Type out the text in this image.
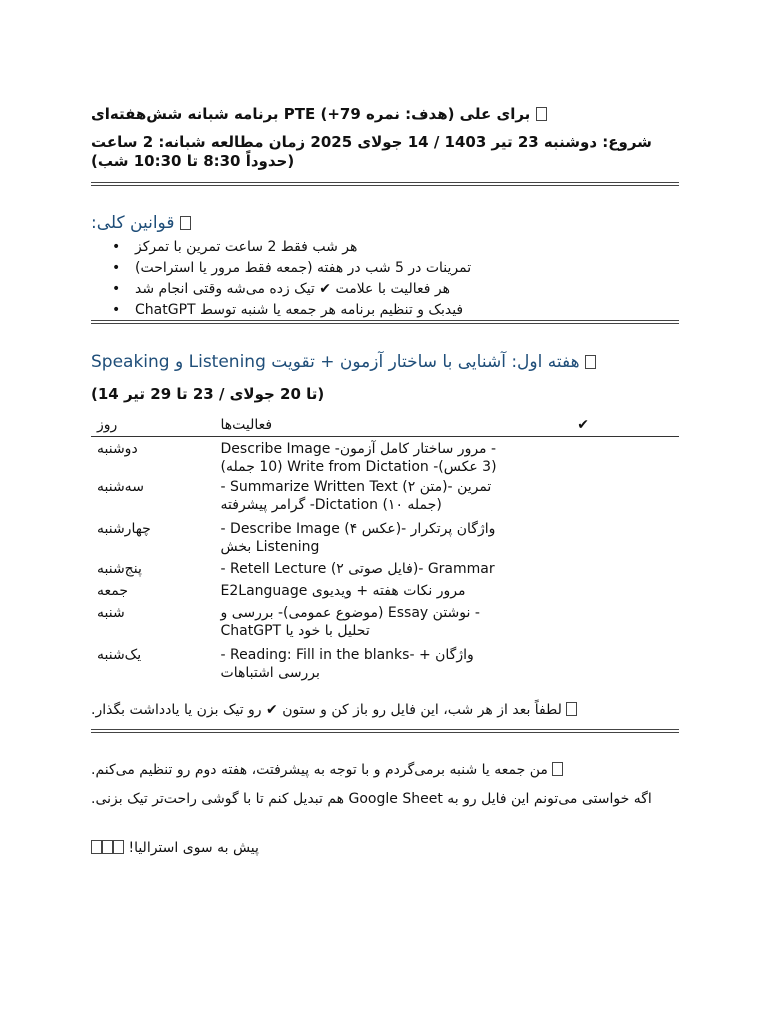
برای علی (هدف: نمره 79+) PTE برنامه شبانه شش‌هفته‌ای
شروع: دوشنبه 23 تیر 1403 / 14 جولای 2025 زمان مطالعه شبانه: 2 ساعت
(حدوداً 8:30 تا 10:30 شب)
قوانین کلی:
• هر شب فقط 2 ساعت تمرین با تمرکز
• تمرینات در 5 شب در هفته (جمعه فقط مرور یا استراحت)
• هر فعالیت با علامت ✔ تیک زده می‌شه وقتی انجام شد
• فیدبک و تنظیم برنامه هر جمعه یا شنبه توسط ChatGPT
هفته اول: آشنایی با ساختار آزمون + تقویت Listening و Speaking
(تا 20 جولای / 23 تا 29 تیر 14)
روز	فعالیت‌ها	✔
دوشنبه	- مرور ساختار کامل آزمون- Describe Image (3 عکس)- Write from Dictation (10 جمله)	
سه‌شنبه	- Summarize Written Text (متن ۲)- تمرین گرامر پیشرفته -Dictation (جمله ۱۰)	
چهارشنبه	- Describe Image (عکس ۴)- واژگان پرتکرار بخش Listening	
پنج‌شنبه	- Retell Lecture (فایل صوتی ۲)- Grammar	
جمعه	مرور نکات هفته + ویدیوی E2Language	
شنبه	- نوشتن Essay (موضوع عمومی)- بررسی و تحلیل با خود یا ChatGPT	
یک‌شنبه	- Reading: Fill in the blanks- واژگان + بررسی اشتباهات	
لطفاً بعد از هر شب، این فایل رو باز کن و ستون ✔ رو تیک بزن یا یادداشت بگذار.
من جمعه یا شنبه برمی‌گردم و با توجه به پیشرفتت، هفته دوم رو تنظیم می‌کنم.
اگه خواستی می‌تونم این فایل رو به Google Sheet هم تبدیل کنم تا با گوشی راحت‌تر تیک بزنی.
پیش به سوی استرالیا!
